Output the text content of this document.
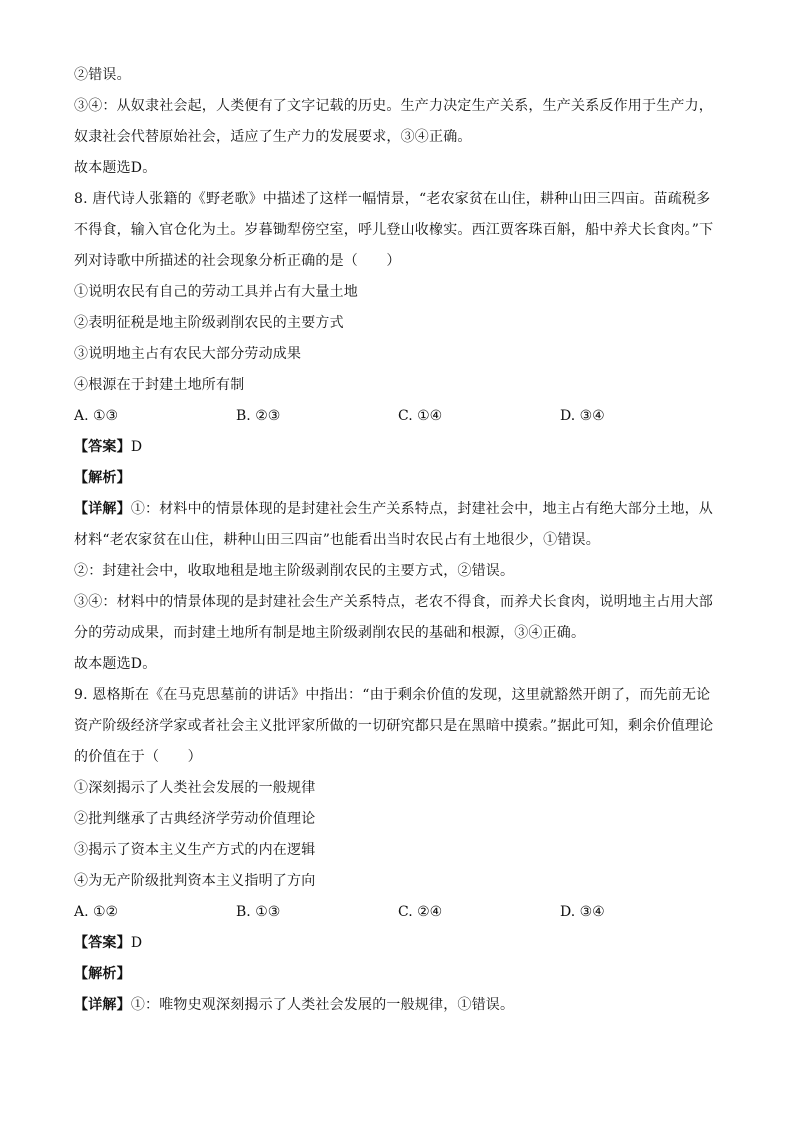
②错误。
③④：从奴隶社会起，人类便有了文字记载的历史。生产力决定生产关系，生产关系反作用于生产力，奴隶社会代替原始社会，适应了生产力的发展要求，③④正确。
故本题选D。
8. 唐代诗人张籍的《野老歌》中描述了这样一幅情景，“老农家贫在山住，耕种山田三四亩。苗疏税多不得食，输入官仓化为土。岁暮锄犁傍空室，呼儿登山收橡实。西江贾客珠百斛，船中养犬长食肉。”下列对诗歌中所描述的社会现象分析正确的是（　　）
①说明农民有自己的劳动工具并占有大量土地
②表明征税是地主阶级剥削农民的主要方式
③说明地主占有农民大部分劳动成果
④根源在于封建土地所有制
A. ①③	B. ②③	C. ①④	D. ③④
【答案】D
【解析】
【详解】①：材料中的情景体现的是封建社会生产关系特点，封建社会中，地主占有绝大部分土地，从材料“老农家贫在山住，耕种山田三四亩”也能看出当时农民占有土地很少，①错误。
②：封建社会中，收取地租是地主阶级剥削农民的主要方式，②错误。
③④：材料中的情景体现的是封建社会生产关系特点，老农不得食，而养犬长食肉，说明地主占用大部分的劳动成果，而封建土地所有制是地主阶级剥削农民的基础和根源，③④正确。
故本题选D。
9. 恩格斯在《在马克思墓前的讲话》中指出：“由于剩余价值的发现，这里就豁然开朗了，而先前无论资产阶级经济学家或者社会主义批评家所做的一切研究都只是在黑暗中摸索。”据此可知，剩余价值理论的价值在于（　　）
①深刻揭示了人类社会发展的一般规律
②批判继承了古典经济学劳动价值理论
③揭示了资本主义生产方式的内在逻辑
④为无产阶级批判资本主义指明了方向
A. ①②	B. ①③	C. ②④	D. ③④
【答案】D
【解析】
【详解】①：唯物史观深刻揭示了人类社会发展的一般规律，①错误。
